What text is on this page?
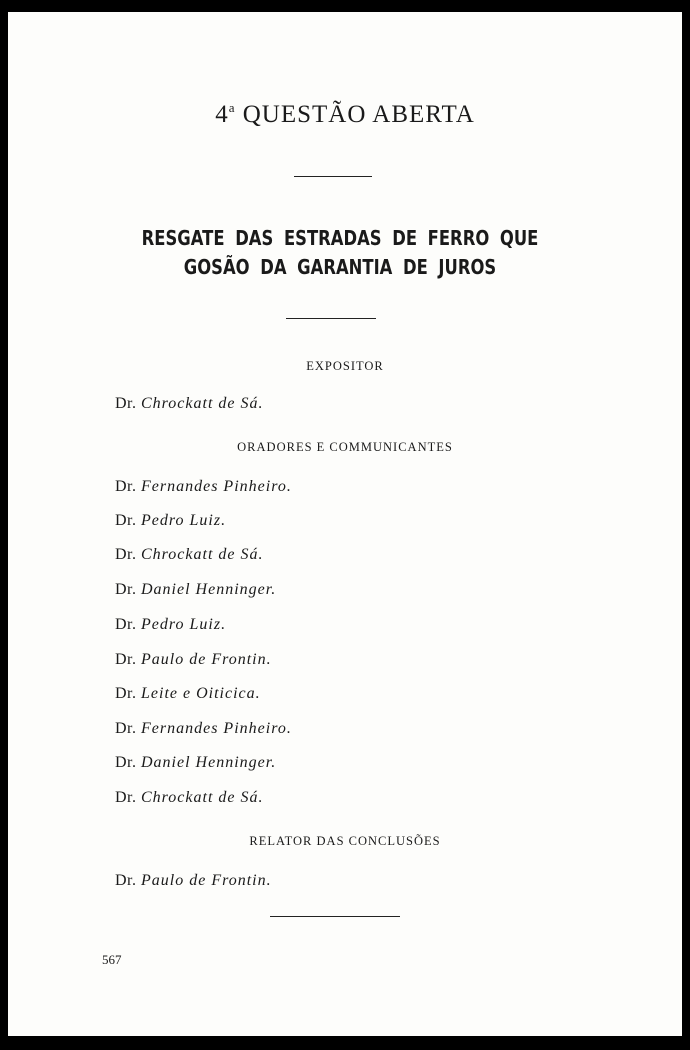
4$^a$ QUESTÃO ABERTA
RESGATE DAS ESTRADAS DE FERRO QUE GOSÃO DA GARANTIA DE JUROS
EXPOSITOR
Dr. Chrockatt de Sá.
ORADORES E COMMUNICANTES
Dr. Fernandes Pinheiro.
Dr. Pedro Luiz.
Dr. Chrockatt de Sá.
Dr. Daniel Henninger.
Dr. Pedro Luiz.
Dr. Paulo de Frontin.
Dr. Leite e Oiticica.
Dr. Fernandes Pinheiro.
Dr. Daniel Henninger.
Dr. Chrockatt de Sá.
RELATOR DAS CONCLUSÕES
Dr. Paulo de Frontin.
567
